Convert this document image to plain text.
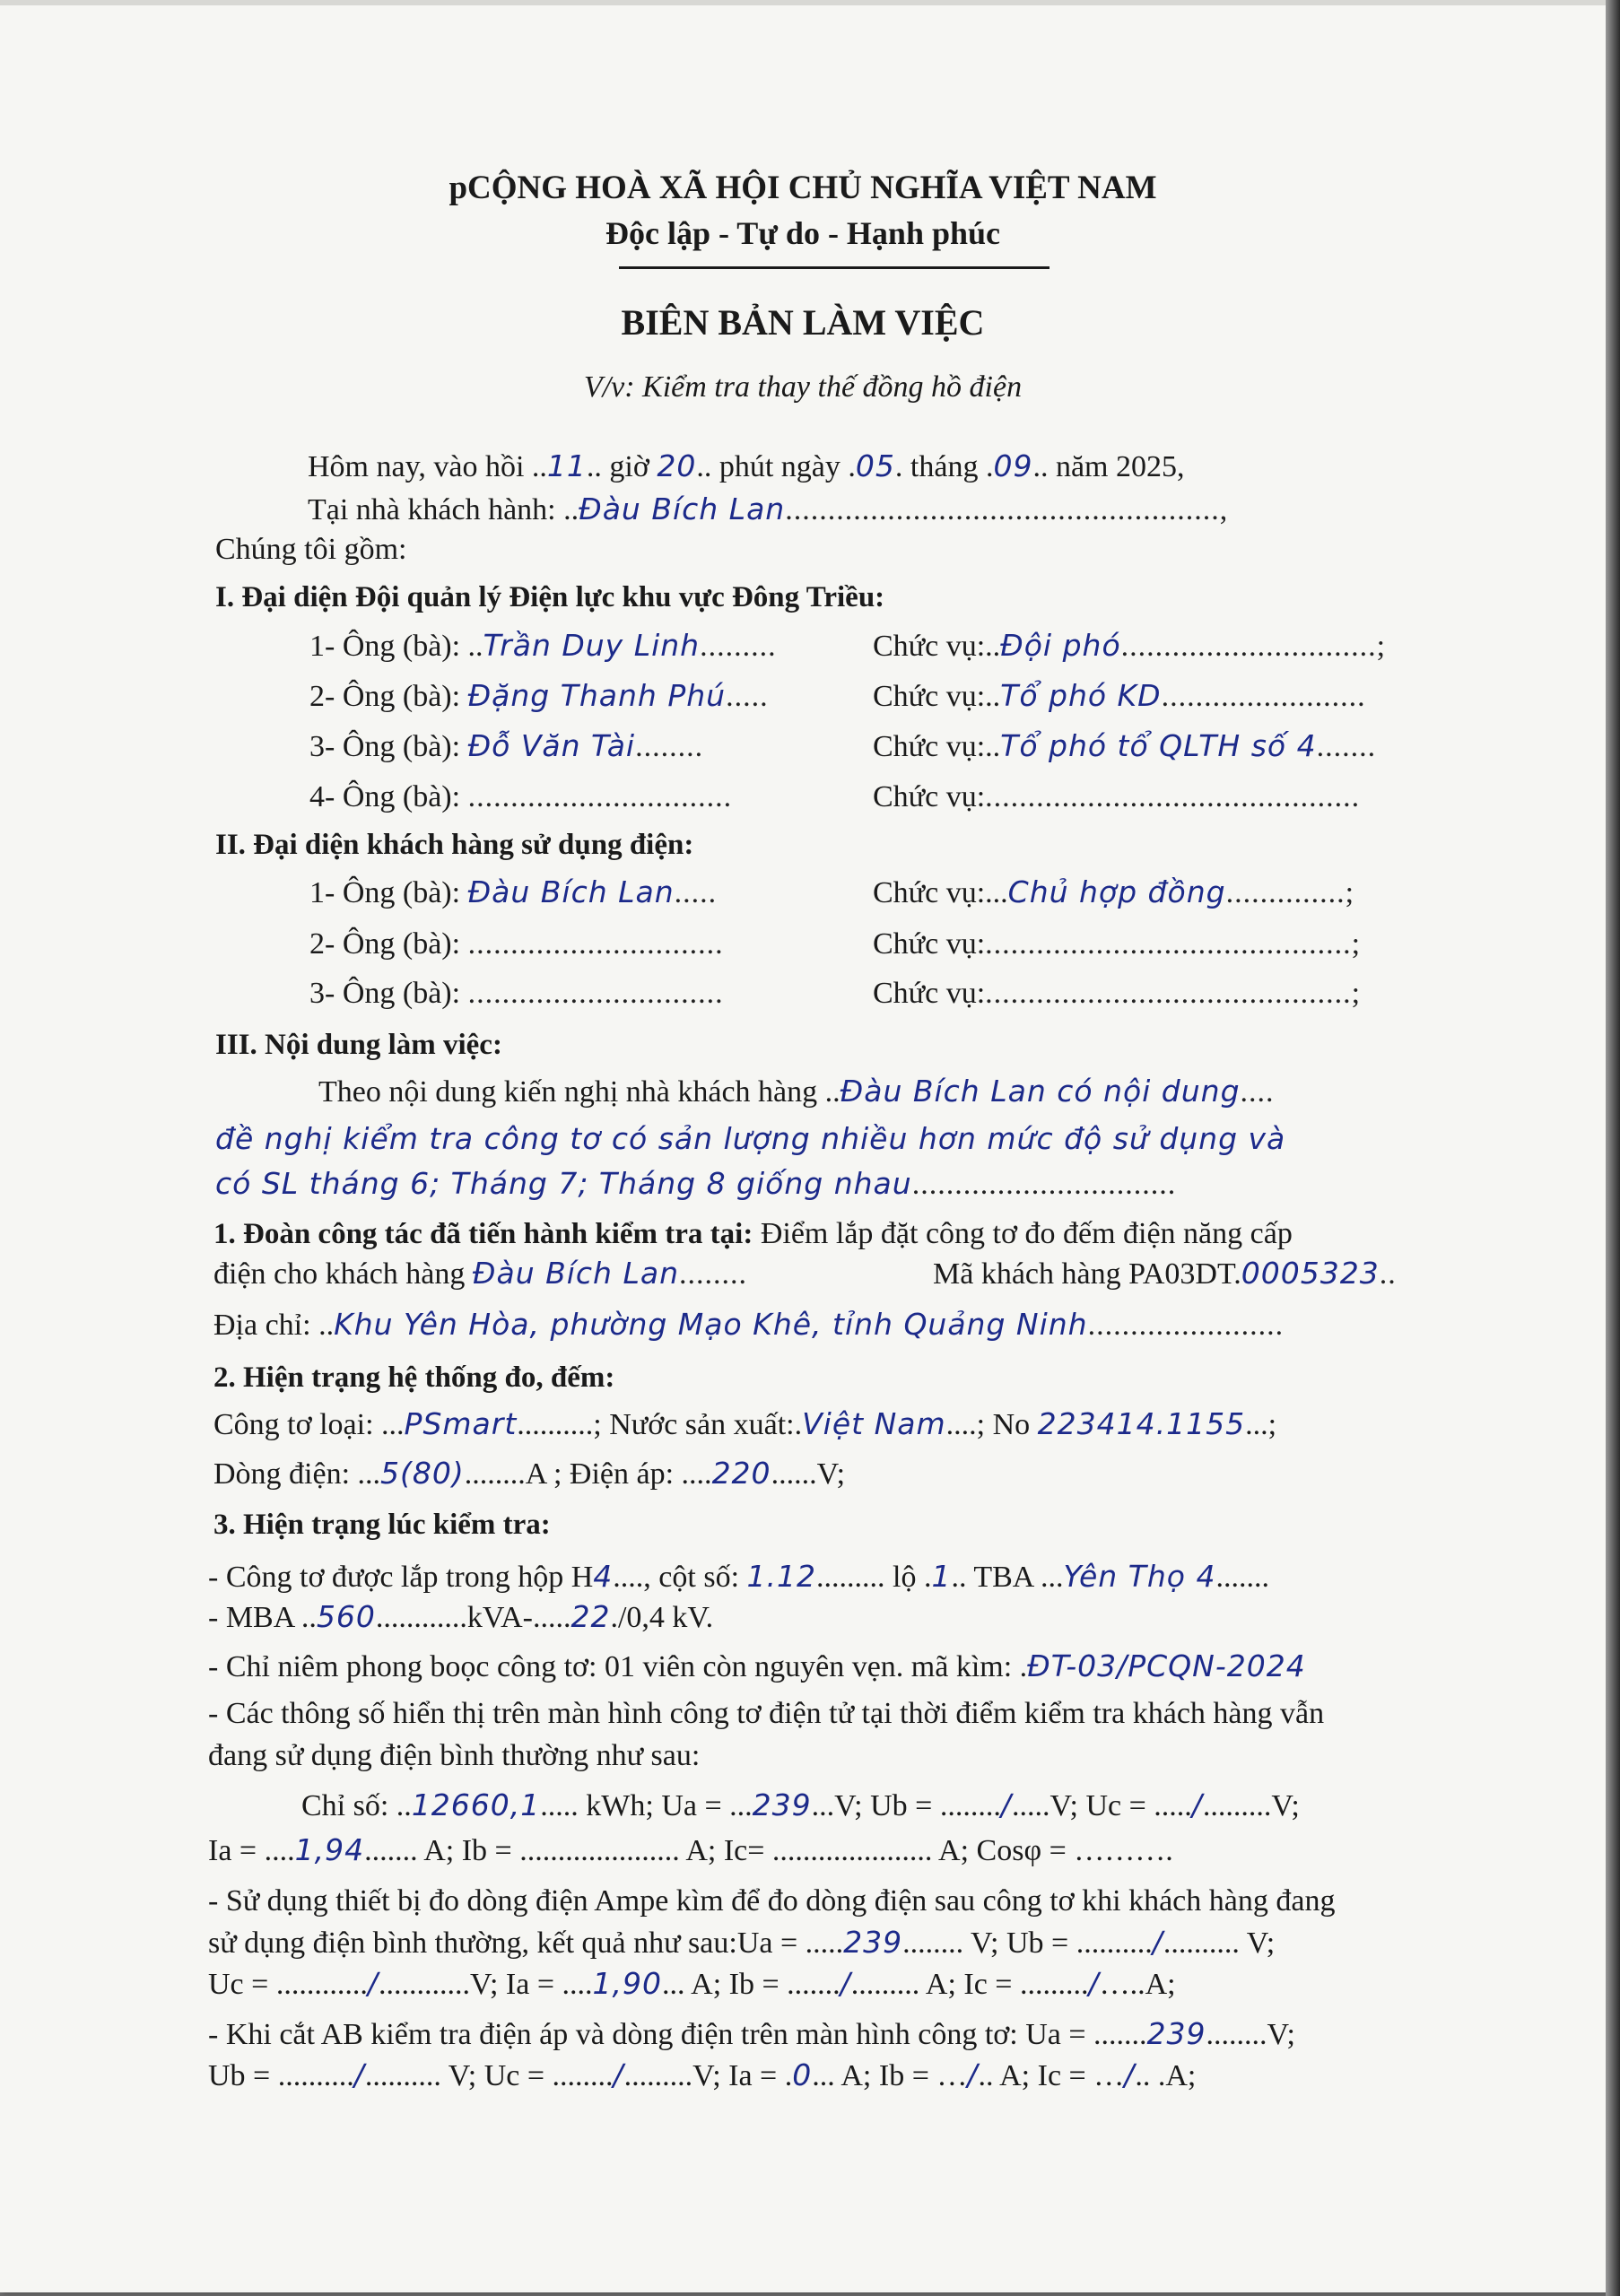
pCỘNG HOÀ XÃ HỘI CHỦ NGHĨA VIỆT NAM
Độc lập - Tự do - Hạnh phúc
BIÊN BẢN LÀM VIỆC
V/v: Kiểm tra thay thế đồng hồ điện
Hôm nay, vào hồi ..11.. giờ 20.. phút ngày .05. tháng .09.. năm 2025,
Tại nhà khách hành: ..Đàu Bích Lan...................................................,
Chúng tôi gồm:
I. Đại diện Đội quản lý Điện lực khu vực Đông Triều:
1- Ông (bà): ..Trần Duy Linh.........	Chức vụ:..Đội phó..............................;
2- Ông (bà): Đặng Thanh Phú.....	Chức vụ:..Tổ phó KD........................
3- Ông (bà): Đỗ Văn Tài........	Chức vụ:..Tổ phó tổ QLTH số 4.......
4- Ông (bà): ...............................	Chức vụ:............................................
II. Đại diện khách hàng sử dụng điện:
1- Ông (bà): Đàu Bích Lan.....	Chức vụ:...Chủ hợp đồng..............;
2- Ông (bà): ..............................	Chức vụ:...........................................;
3- Ông (bà): ..............................	Chức vụ:...........................................;
III. Nội dung làm việc:
Theo nội dung kiến nghị nhà khách hàng ..Đàu Bích Lan có nội dung....
đề nghị kiểm tra công tơ có sản lượng nhiều hơn mức độ sử dụng và
có SL tháng 6; Tháng 7; Tháng 8 giống nhau...............................
1. Đoàn công tác đã tiến hành kiểm tra tại: Điểm lắp đặt công tơ đo đếm điện năng cấp
điện cho khách hàng Đàu Bích Lan........	Mã khách hàng PA03DT.0005323..
Địa chỉ: ..Khu Yên Hòa, phường Mạo Khê, tỉnh Quảng Ninh.......................
2. Hiện trạng hệ thống đo, đếm:
Công tơ loại: ...PSmart..........; Nước sản xuất:.Việt Nam....; No 223414.1155...;
Dòng điện: ...5(80)........A ; Điện áp: ....220......V;
3. Hiện trạng lúc kiểm tra:
- Công tơ được lắp trong hộp H4...., cột số: 1.12......... lộ .1.. TBA ...Yên Thọ 4.......
- MBA ..560............kVA-.....22./0,4 kV.
- Chỉ niêm phong boọc công tơ: 01 viên còn nguyên vẹn. mã kìm: .ĐT-03/PCQN-2024
- Các thông số hiển thị trên màn hình công tơ điện tử tại thời điểm kiểm tra khách hàng vẫn
đang sử dụng điện bình thường như sau:
Chỉ số: ..12660,1..... kWh; Ua = ...239...V; Ub = ......../.....V; Uc = ...../.........V;
Ia = ....1,94....... A; Ib = ..................... A; Ic= ..................... A; Cosφ = ……….
- Sử dụng thiết bị đo dòng điện Ampe kìm để đo dòng điện sau công tơ khi khách hàng đang
sử dụng điện bình thường, kết quả như sau:Ua = .....239........ V; Ub = ........../.......... V;
Uc = ............/............V; Ia = ....1,90... A; Ib = ......./......... A; Ic = ........./…..A;
- Khi cắt AB kiểm tra điện áp và dòng điện trên màn hình công tơ: Ua = .......239........V;
Ub = ........../.......... V; Uc = ......../.........V; Ia = .0... A; Ib = …/.. A; Ic = …/.. .A;
